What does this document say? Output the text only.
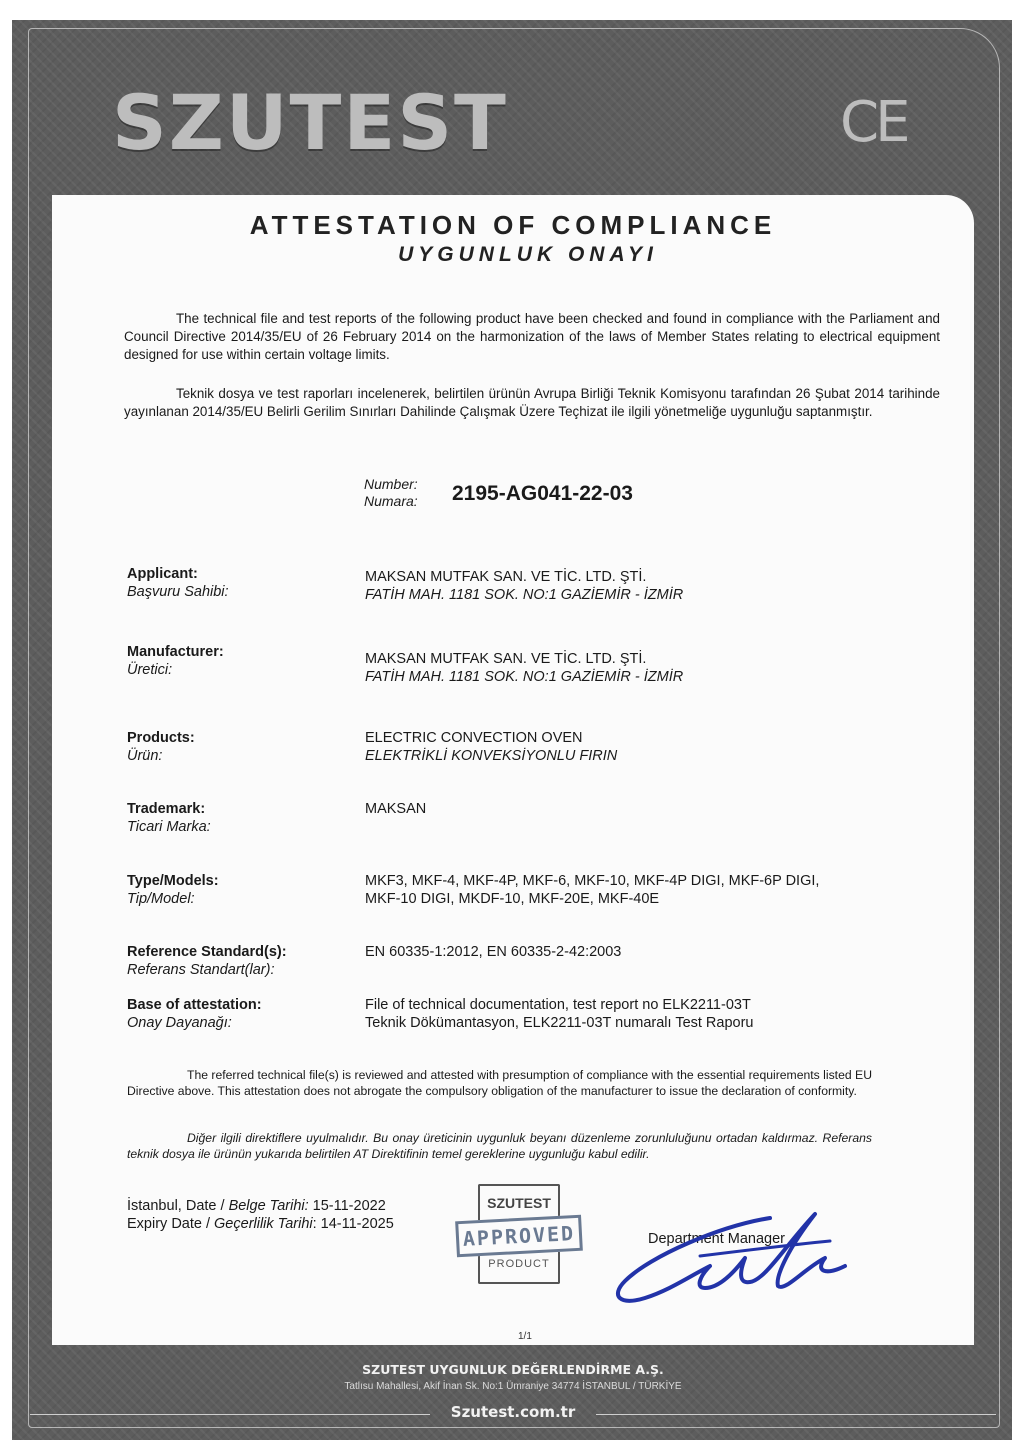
SZUTEST	CE
ATTESTATION OF COMPLIANCE
UYGUNLUK ONAYI
The technical file and test reports of the following product have been checked and found in compliance with the Parliament and Council Directive 2014/35/EU of 26 February 2014 on the harmonization of the laws of Member States relating to electrical equipment designed for use within certain voltage limits.
Teknik dosya ve test raporları incelenerek, belirtilen ürünün Avrupa Birliği Teknik Komisyonu tarafından 26 Şubat 2014 tarihinde yayınlanan 2014/35/EU Belirli Gerilim Sınırları Dahilinde Çalışmak Üzere Teçhizat ile ilgili yönetmeliğe uygunluğu saptanmıştır.
Number:
Numara: 2195-AG041-22-03
Applicant:
Başvuru Sahibi:
MAKSAN MUTFAK SAN. VE TİC. LTD. ŞTİ.
FATİH MAH. 1181 SOK. NO:1 GAZİEMİR - İZMİR
Manufacturer:
Üretici:
MAKSAN MUTFAK SAN. VE TİC. LTD. ŞTİ.
FATİH MAH. 1181 SOK. NO:1 GAZİEMİR - İZMİR
Products:
Ürün:
ELECTRIC CONVECTION OVEN
ELEKTRİKLİ KONVEKSİYONLU FIRIN
Trademark:
Ticari Marka:
MAKSAN
Type/Models:
Tip/Model:
MKF3, MKF-4, MKF-4P, MKF-6, MKF-10, MKF-4P DIGI, MKF-6P DIGI,
MKF-10 DIGI, MKDF-10, MKF-20E, MKF-40E
Reference Standard(s):
Referans Standart(lar):
EN 60335-1:2012, EN 60335-2-42:2003
Base of attestation:
Onay Dayanağı:
File of technical documentation, test report no ELK2211-03T
Teknik Dökümantasyon, ELK2211-03T numaralı Test Raporu
The referred technical file(s) is reviewed and attested with presumption of compliance with the essential requirements listed EU Directive above. This attestation does not abrogate the compulsory obligation of the manufacturer to issue the declaration of conformity.
Diğer ilgili direktiflere uyulmalıdır. Bu onay üreticinin uygunluk beyanı düzenleme zorunluluğunu ortadan kaldırmaz. Referans teknik dosya ile ürünün yukarıda belirtilen AT Direktifinin temel gereklerine uygunluğu kabul edilir.
İstanbul, Date / Belge Tarihi: 15-11-2022
Expiry Date / Geçerlilik Tarihi: 14-11-2025
SZUTEST
PRODUCT
APPROVED	Department Manager
1/1
SZUTEST UYGUNLUK DEĞERLENDİRME A.Ş.
Tatlısu Mahallesi, Akif İnan Sk. No:1 Ümraniye 34774 İSTANBUL / TÜRKİYE
Szutest.com.tr
